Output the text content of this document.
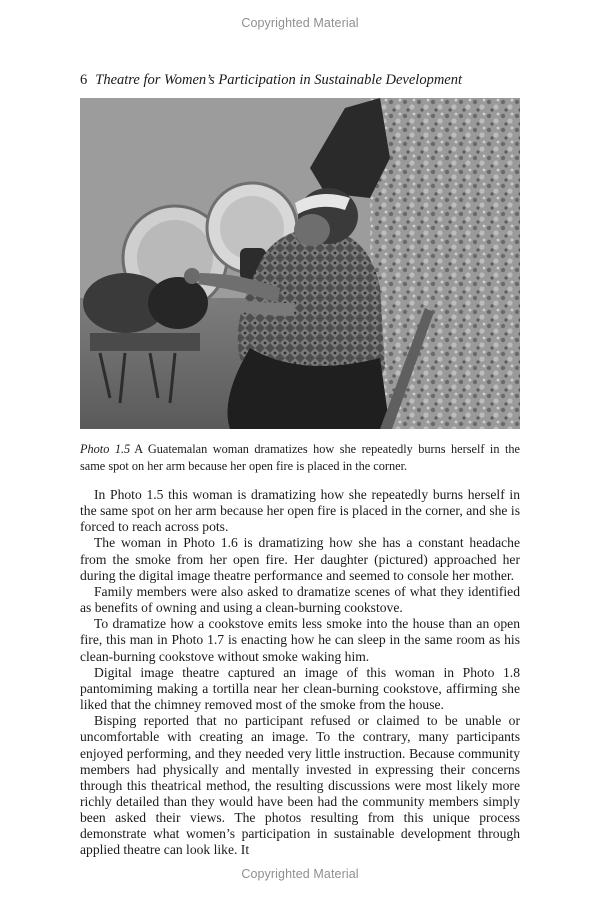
Copyrighted Material
6 Theatre for Women’s Participation in Sustainable Development
Photo 1.5 A Guatemalan woman dramatizes how she repeatedly burns herself in the same spot on her arm because her open fire is placed in the corner.

In Photo 1.5 this woman is dramatizing how she repeatedly burns herself in the same spot on her arm because her open fire is placed in the corner, and she is forced to reach across pots.

The woman in Photo 1.6 is dramatizing how she has a constant headache from the smoke from her open fire. Her daughter (pictured) approached her during the digital image theatre performance and seemed to console her mother.

Family members were also asked to dramatize scenes of what they identified as benefits of owning and using a clean-burning cookstove.

To dramatize how a cookstove emits less smoke into the house than an open fire, this man in Photo 1.7 is enacting how he can sleep in the same room as his clean-burning cookstove without smoke waking him.

Digital image theatre captured an image of this woman in Photo 1.8 pantomiming making a tortilla near her clean-burning cookstove, affirming she liked that the chimney removed most of the smoke from the house.

Bisping reported that no participant refused or claimed to be unable or uncomfortable with creating an image. To the contrary, many participants enjoyed performing, and they needed very little instruction. Because community members had physically and mentally invested in expressing their concerns through this theatrical method, the resulting discussions were most likely more richly detailed than they would have been had the community members simply been asked their views. The photos resulting from this unique process demonstrate what women’s participation in sustainable development through applied theatre can look like. It

Copyrighted Material
